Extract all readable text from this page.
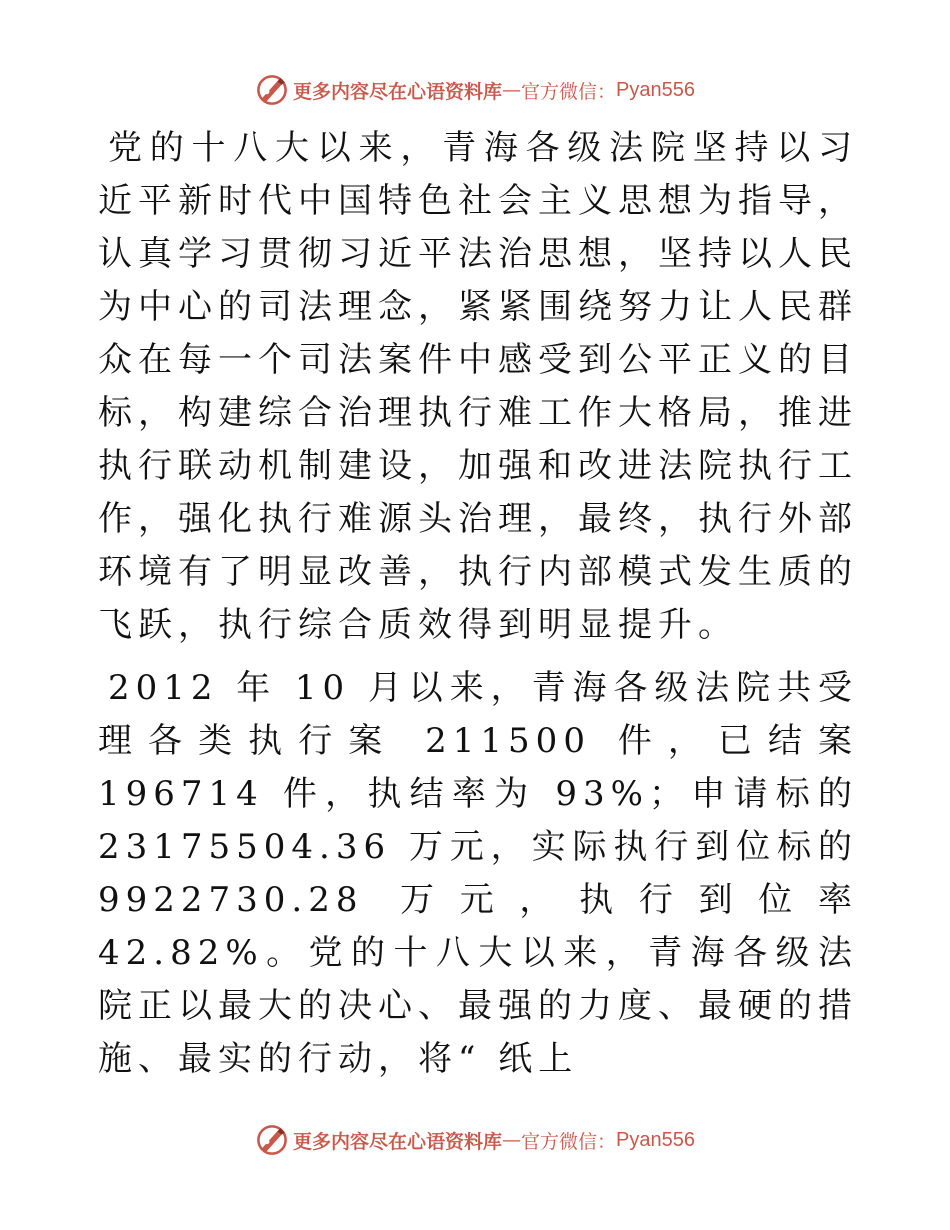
更多内容尽在心语资料库 — 官方微信： Pyan556

党的十八大以来，青海各级法院坚持以习近平新时代中国特色社会主义思想为指导，认真学习贯彻习近平法治思想，坚持以人民为中心的司法理念，紧紧围绕努力让人民群众在每一个司法案件中感受到公平正义的目标，构建综合治理执行难工作大格局，推进执行联动机制建设，加强和改进法院执行工作，强化执行难源头治理，最终，执行外部环境有了明显改善，执行内部模式发生质的飞跃，执行综合质效得到明显提升。

2012 年 10 月以来，青海各级法院共受理各类执行案 211500 件，已结案 196714 件，执结率为 93%；申请标的 23175504.36 万元，实际执行到位标的 9922730.28 万元，执行到位率 42.82%。党的十八大以来，青海各级法院正以最大的决心、最强的力度、最硬的措施、最实的行动，将“ 纸上

更多内容尽在心语资料库 — 官方微信： Pyan556
